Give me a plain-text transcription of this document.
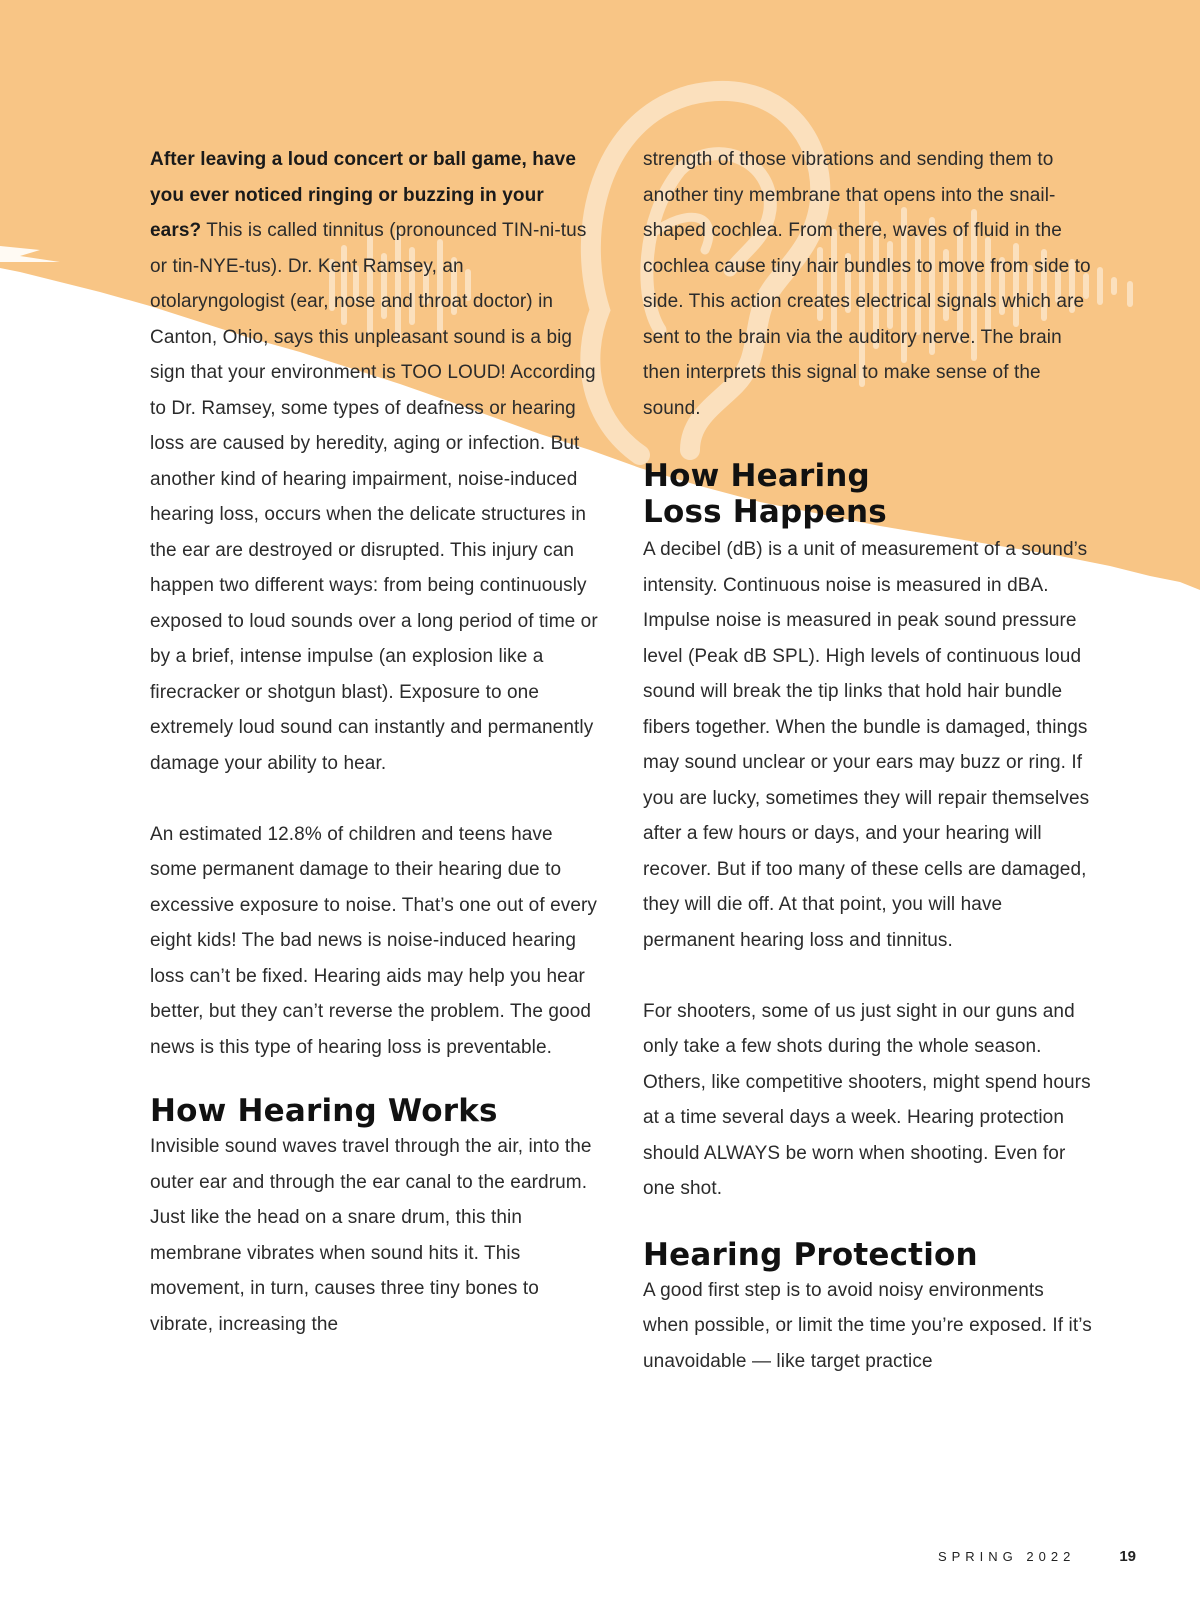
After leaving a loud concert or ball game, have you ever noticed ringing or buzzing in your ears? This is called tinnitus (pronounced TIN-ni-tus or tin-NYE-tus). Dr. Kent Ramsey, an otolaryngologist (ear, nose and throat doctor) in Canton, Ohio, says this unpleasant sound is a big sign that your environment is TOO LOUD! According to Dr. Ramsey, some types of deafness or hearing loss are caused by heredity, aging or infection. But another kind of hearing impairment, noise-induced hearing loss, occurs when the delicate structures in the ear are destroyed or disrupted. This injury can happen two different ways: from being continuously exposed to loud sounds over a long period of time or by a brief, intense impulse (an explosion like a firecracker or shotgun blast). Exposure to one extremely loud sound can instantly and permanently damage your ability to hear.

An estimated 12.8% of children and teens have some permanent damage to their hearing due to excessive exposure to noise. That’s one out of every eight kids! The bad news is noise-induced hearing loss can’t be fixed. Hearing aids may help you hear better, but they can’t reverse the problem. The good news is this type of hearing loss is preventable.

How Hearing Works

Invisible sound waves travel through the air, into the outer ear and through the ear canal to the eardrum. Just like the head on a snare drum, this thin membrane vibrates when sound hits it. This movement, in turn, causes three tiny bones to vibrate, increasing the

strength of those vibrations and sending them to another tiny membrane that opens into the snail-shaped cochlea. From there, waves of fluid in the cochlea cause tiny hair bundles to move from side to side. This action creates electrical signals which are sent to the brain via the auditory nerve. The brain then interprets this signal to make sense of the sound.

How Hearing
Loss Happens

A decibel (dB) is a unit of measurement of a sound’s intensity. Continuous noise is measured in dBA. Impulse noise is measured in peak sound pressure level (Peak dB SPL). High levels of continuous loud sound will break the tip links that hold hair bundle fibers together. When the bundle is damaged, things may sound unclear or your ears may buzz or ring. If you are lucky, sometimes they will repair themselves after a few hours or days, and your hearing will recover. But if too many of these cells are damaged, they will die off. At that point, you will have permanent hearing loss and tinnitus.

For shooters, some of us just sight in our guns and only take a few shots during the whole season. Others, like competitive shooters, might spend hours at a time several days a week. Hearing protection should ALWAYS be worn when shooting. Even for one shot.

Hearing Protection

A good first step is to avoid noisy environments when possible, or limit the time you’re exposed. If it’s unavoidable — like target practice

SPRING 2022	19
